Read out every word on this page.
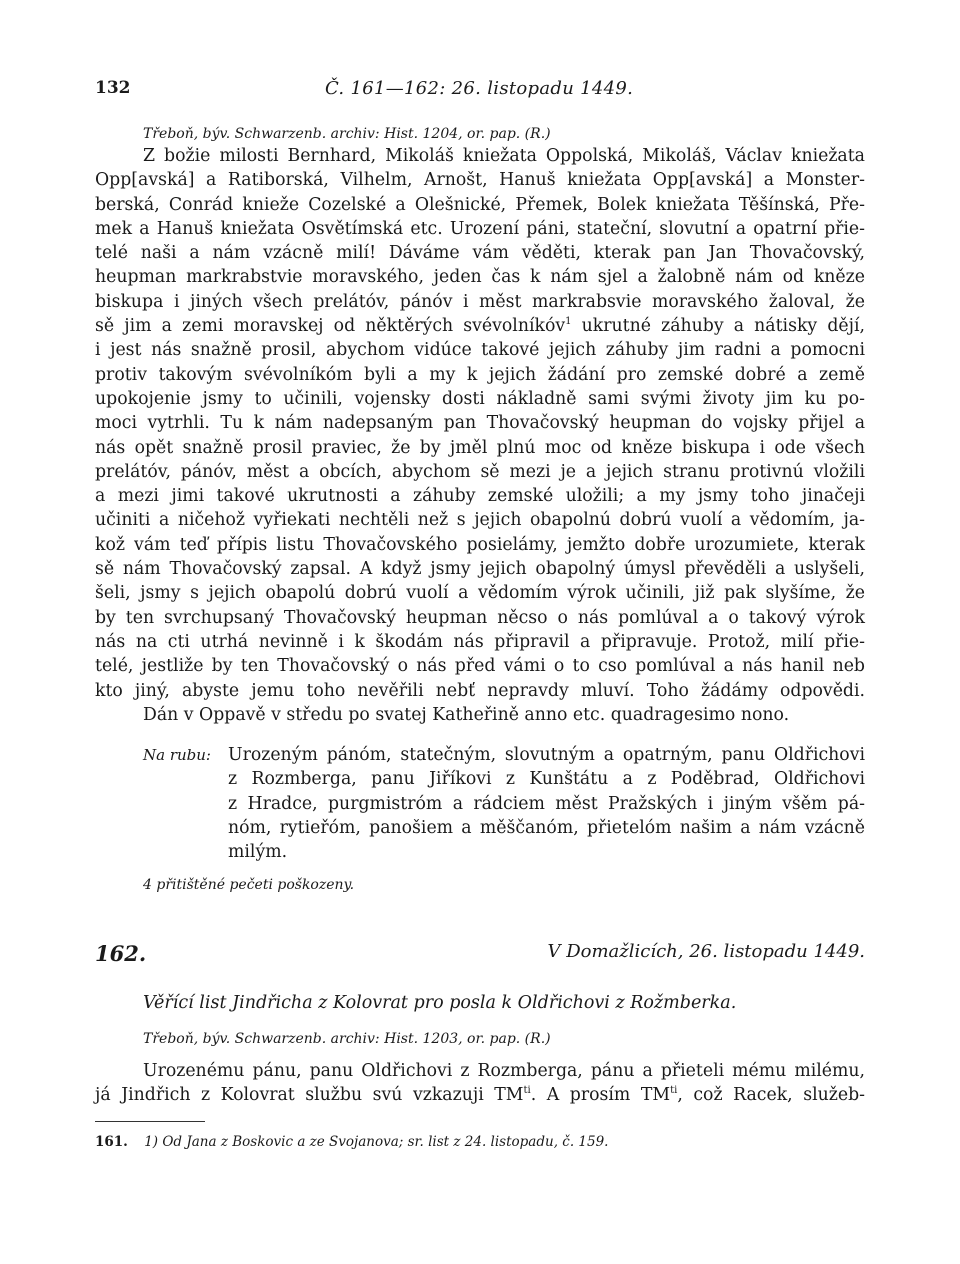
132	Č. 161—162: 26. listopadu 1449.
Třeboň, býv. Schwarzenb. archiv: Hist. 1204, or. pap. (R.)
Z božie milosti Bernhard, Mikoláš kniežata Oppolská, Mikoláš, Václav kniežata
Opp[avská] a Ratiborská, Vilhelm, Arnošt, Hanuš kniežata Opp[avská] a Monster-
berská, Conrád knieže Cozelské a Olešnické, Přemek, Bolek kniežata Těšínská, Pře-
mek a Hanuš kniežata Osvětímská etc. Urození páni, stateční, slovutní a opatrní přie-
telé naši a nám vzácně milí! Dáváme vám věděti, kterak pan Jan Thovačovský,
heupman markrabstvie moravského, jeden čas k nám sjel a žalobně nám od kněze
biskupa i jiných všech prelátóv, pánóv i měst markrabsvie moravského žaloval, že
sě jim a zemi moravskej od něktěrých svévolníkóv$^1$ ukrutné záhuby a nátisky dějí,
i jest nás snažně prosil, abychom vidúce takové jejich záhuby jim radni a pomocni
protiv takovým svévolníkóm byli a my k jejich žádání pro zemské dobré a země
upokojenie jsmy to učinili, vojensky dosti nákladně sami svými životy jim ku po-
moci vytrhli. Tu k nám nadepsaným pan Thovačovský heupman do vojsky přijel a
nás opět snažně prosil praviec, že by jměl plnú moc od kněze biskupa i ode všech
prelátóv, pánóv, měst a obcích, abychom sě mezi je a jejich stranu protivnú vložili
a mezi jimi takové ukrutnosti a záhuby zemské uložili; a my jsmy toho jinačeji
učiniti a ničehož vyřiekati nechtěli než s jejich obapolnú dobrú vuolí a vědomím, ja-
kož vám teď přípis listu Thovačovského posielámy, jemžto dobře urozumiete, kterak
sě nám Thovačovský zapsal. A když jsmy jejich obapolný úmysl převěděli a uslyšeli,
šeli, jsmy s jejich obapolú dobrú vuolí a vědomím výrok učinili, již pak slyšíme, že
by ten svrchupsaný Thovačovský heupman něcso o nás pomlúval a o takový výrok
nás na cti utrhá nevinně i k škodám nás připravil a připravuje. Protož, milí přie-
telé, jestliže by ten Thovačovský o nás před vámi o to cso pomlúval a nás hanil neb
kto jiný, abyste jemu toho nevěřili nebť nepravdy mluví. Toho žádámy odpovědi.
Dán v Oppavě v středu po svatej Katheřině anno etc. quadragesimo nono.
Na rubu: Urozeným pánóm, statečným, slovutným a opatrným, panu Oldřichovi
z Rozmberga, panu Jiříkovi z Kunštátu a z Poděbrad, Oldřichovi
z Hradce, purgmistróm a rádciem měst Pražských i jiným všěm pá-
nóm, rytieřóm, panošiem a měščanóm, přietelóm našim a nám vzácně
milým.
4 přitištěné pečeti poškozeny.
162.	V Domažlicích, 26. listopadu 1449.
Věřící list Jindřicha z Kolovrat pro posla k Oldřichovi z Rožmberka.
Třeboň, býv. Schwarzenb. archiv: Hist. 1203, or. pap. (R.)
Urozenému pánu, panu Oldřichovi z Rozmberga, pánu a přieteli mému milému,
já Jindřich z Kolovrat službu svú vzkazuji $TM^{ti}$. A prosím $TM^{ti}$, což Racek, služeb-
161. 1) Od Jana z Boskovic a ze Svojanova; sr. list z 24. listopadu, č. 159.
